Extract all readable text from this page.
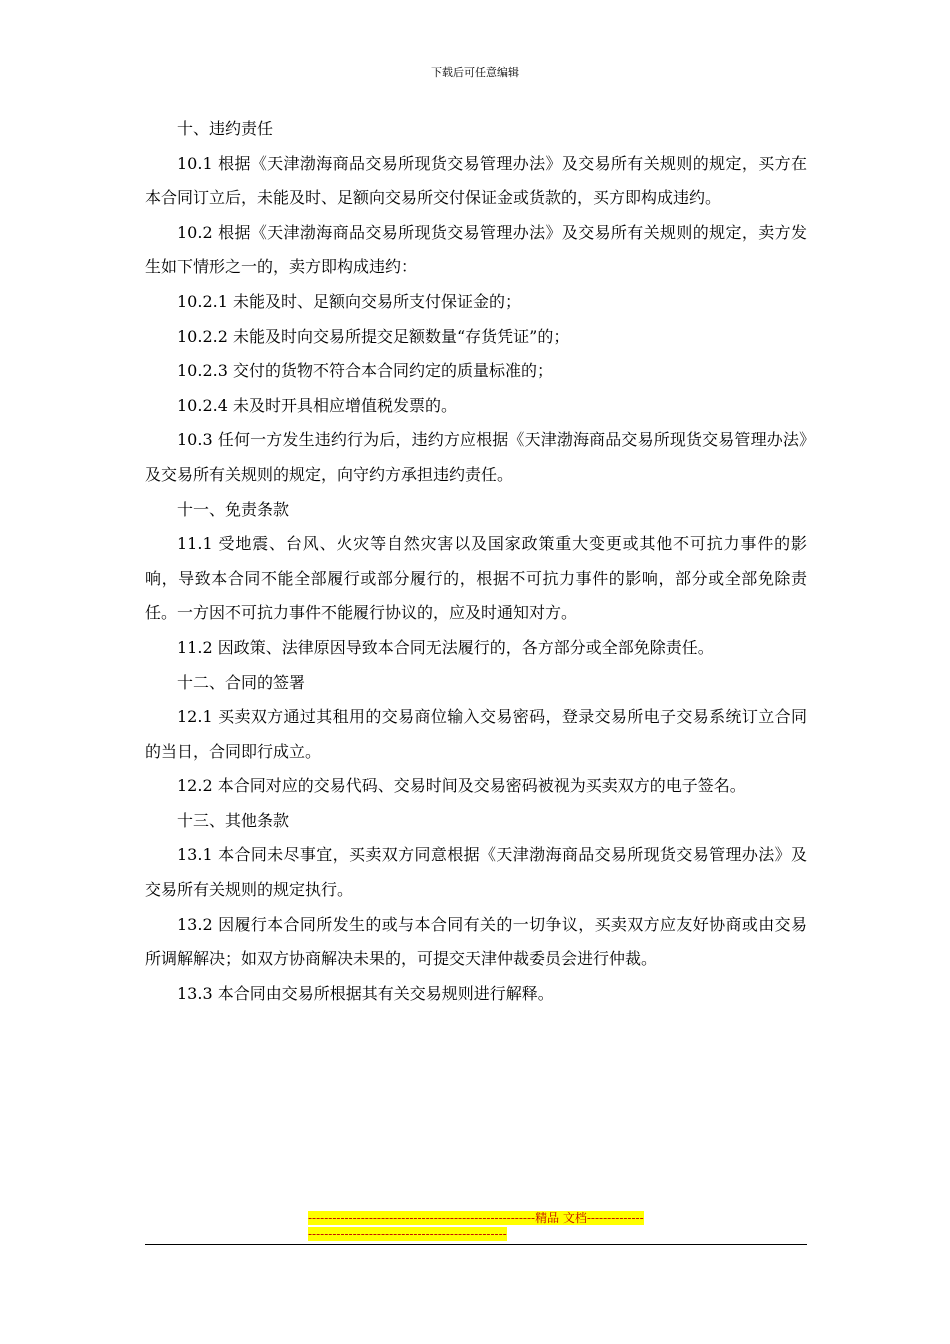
下载后可任意编辑

十、违约责任

10.1 根据《天津渤海商品交易所现货交易管理办法》及交易所有关规则的规定，买方在本合同订立后，未能及时、足额向交易所交付保证金或货款的，买方即构成违约。

10.2 根据《天津渤海商品交易所现货交易管理办法》及交易所有关规则的规定，卖方发生如下情形之一的，卖方即构成违约：

10.2.1 未能及时、足额向交易所支付保证金的；

10.2.2 未能及时向交易所提交足额数量“存货凭证”的；

10.2.3 交付的货物不符合本合同约定的质量标准的；

10.2.4 未及时开具相应增值税发票的。

10.3 任何一方发生违约行为后，违约方应根据《天津渤海商品交易所现货交易管理办法》及交易所有关规则的规定，向守约方承担违约责任。

十一、免责条款

11.1 受地震、台风、火灾等自然灾害以及国家政策重大变更或其他不可抗力事件的影响，导致本合同不能全部履行或部分履行的，根据不可抗力事件的影响，部分或全部免除责任。一方因不可抗力事件不能履行协议的，应及时通知对方。

11.2 因政策、法律原因导致本合同无法履行的，各方部分或全部免除责任。

十二、合同的签署

12.1 买卖双方通过其租用的交易商位输入交易密码，登录交易所电子交易系统订立合同的当日，合同即行成立。

12.2 本合同对应的交易代码、交易时间及交易密码被视为买卖双方的电子签名。

十三、其他条款

13.1 本合同未尽事宜，买卖双方同意根据《天津渤海商品交易所现货交易管理办法》及交易所有关规则的规定执行。

13.2 因履行本合同所发生的或与本合同有关的一切争议，买卖双方应友好协商或由交易所调解解决；如双方协商解决未果的，可提交天津仲裁委员会进行仲裁。

13.3 本合同由交易所根据其有关交易规则进行解释。

--------------------------------------------------------精品 文档---------------------------------------------------------------
